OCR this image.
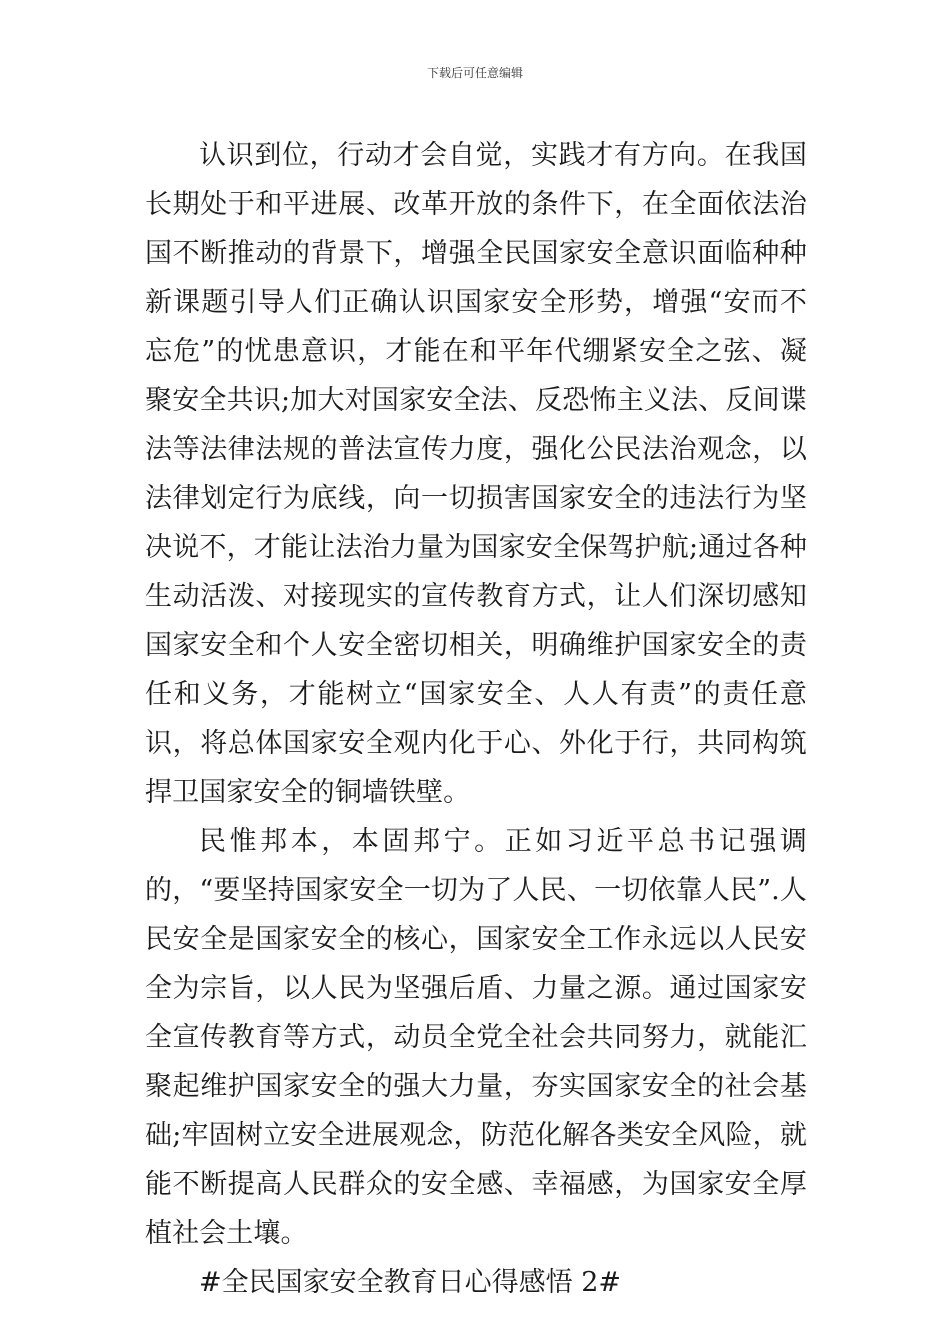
下载后可任意编辑

认识到位，行动才会自觉，实践才有方向。在我国长期处于和平进展、改革开放的条件下，在全面依法治国不断推动的背景下，增强全民国家安全意识面临种种新课题引导人们正确认识国家安全形势，增强“安而不忘危”的忧患意识，才能在和平年代绷紧安全之弦、凝聚安全共识;加大对国家安全法、反恐怖主义法、反间谍法等法律法规的普法宣传力度，强化公民法治观念，以法律划定行为底线，向一切损害国家安全的违法行为坚决说不，才能让法治力量为国家安全保驾护航;通过各种生动活泼、对接现实的宣传教育方式，让人们深切感知国家安全和个人安全密切相关，明确维护国家安全的责任和义务，才能树立“国家安全、人人有责”的责任意识，将总体国家安全观内化于心、外化于行，共同构筑捍卫国家安全的铜墙铁壁。

民惟邦本，本固邦宁。正如习近平总书记强调的，“要坚持国家安全一切为了人民、一切依靠人民”.人民安全是国家安全的核心，国家安全工作永远以人民安全为宗旨，以人民为坚强后盾、力量之源。通过国家安全宣传教育等方式，动员全党全社会共同努力，就能汇聚起维护国家安全的强大力量，夯实国家安全的社会基础;牢固树立安全进展观念，防范化解各类安全风险，就能不断提高人民群众的安全感、幸福感，为国家安全厚植社会土壤。

#全民国家安全教育日心得感悟 2#
